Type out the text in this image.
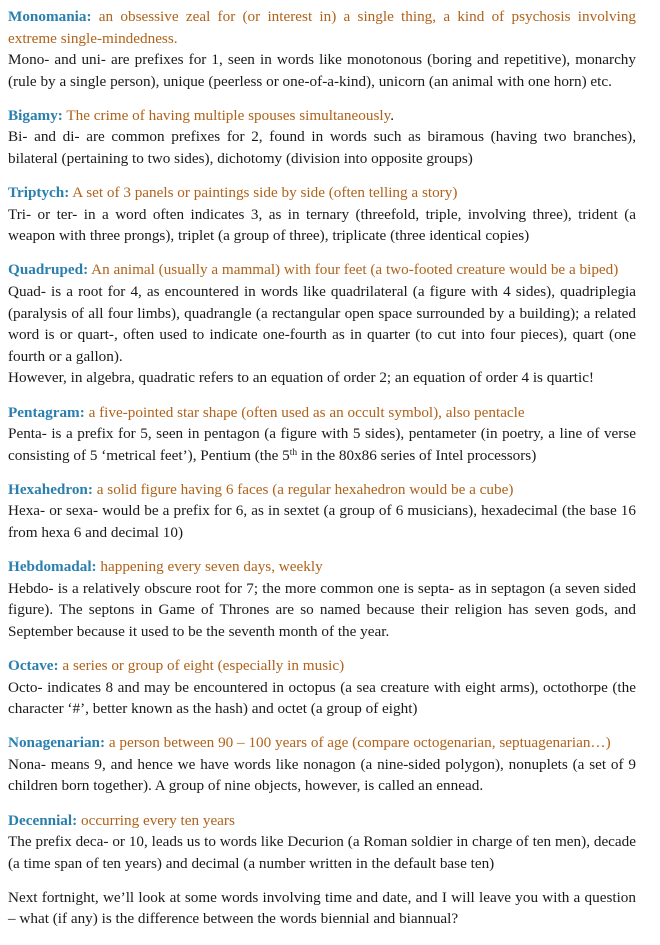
Monomania: an obsessive zeal for (or interest in) a single thing, a kind of psychosis involving extreme single-mindedness.

Mono- and uni- are prefixes for 1, seen in words like monotonous (boring and repetitive), monarchy (rule by a single person), unique (peerless or one-of-a-kind), unicorn (an animal with one horn) etc.

Bigamy: The crime of having multiple spouses simultaneously.

Bi- and di- are common prefixes for 2, found in words such as biramous (having two branches), bilateral (pertaining to two sides), dichotomy (division into opposite groups)

Triptych: A set of 3 panels or paintings side by side (often telling a story)

Tri- or ter- in a word often indicates 3, as in ternary (threefold, triple, involving three), trident (a weapon with three prongs), triplet (a group of three), triplicate (three identical copies)

Quadruped: An animal (usually a mammal) with four feet (a two-footed creature would be a biped)

Quad- is a root for 4, as encountered in words like quadrilateral (a figure with 4 sides), quadriplegia (paralysis of all four limbs), quadrangle (a rectangular open space surrounded by a building); a related word is or quart-, often used to indicate one-fourth as in quarter (to cut into four pieces), quart (one fourth or a gallon).

However, in algebra, quadratic refers to an equation of order 2; an equation of order 4 is quartic!

Pentagram: a five-pointed star shape (often used as an occult symbol), also pentacle

Penta- is a prefix for 5, seen in pentagon (a figure with 5 sides), pentameter (in poetry, a line of verse consisting of 5 ‘metrical feet’), Pentium (the 5th in the 80x86 series of Intel processors)

Hexahedron: a solid figure having 6 faces (a regular hexahedron would be a cube)

Hexa- or sexa- would be a prefix for 6, as in sextet (a group of 6 musicians), hexadecimal (the base 16 from hexa 6 and decimal 10)

Hebdomadal: happening every seven days, weekly

Hebdo- is a relatively obscure root for 7; the more common one is septa- as in septagon (a seven sided figure). The septons in Game of Thrones are so named because their religion has seven gods, and September because it used to be the seventh month of the year.

Octave: a series or group of eight (especially in music)

Octo- indicates 8 and may be encountered in octopus (a sea creature with eight arms), octothorpe (the character ‘#’, better known as the hash) and octet (a group of eight)

Nonagenarian: a person between 90 – 100 years of age (compare octogenarian, septuagenarian…)

Nona- means 9, and hence we have words like nonagon (a nine-sided polygon), nonuplets (a set of 9 children born together). A group of nine objects, however, is called an ennead.

Decennial: occurring every ten years

The prefix deca- or 10, leads us to words like Decurion (a Roman soldier in charge of ten men), decade (a time span of ten years) and decimal (a number written in the default base ten)

Next fortnight, we’ll look at some words involving time and date, and I will leave you with a question – what (if any) is the difference between the words biennial and biannual?
